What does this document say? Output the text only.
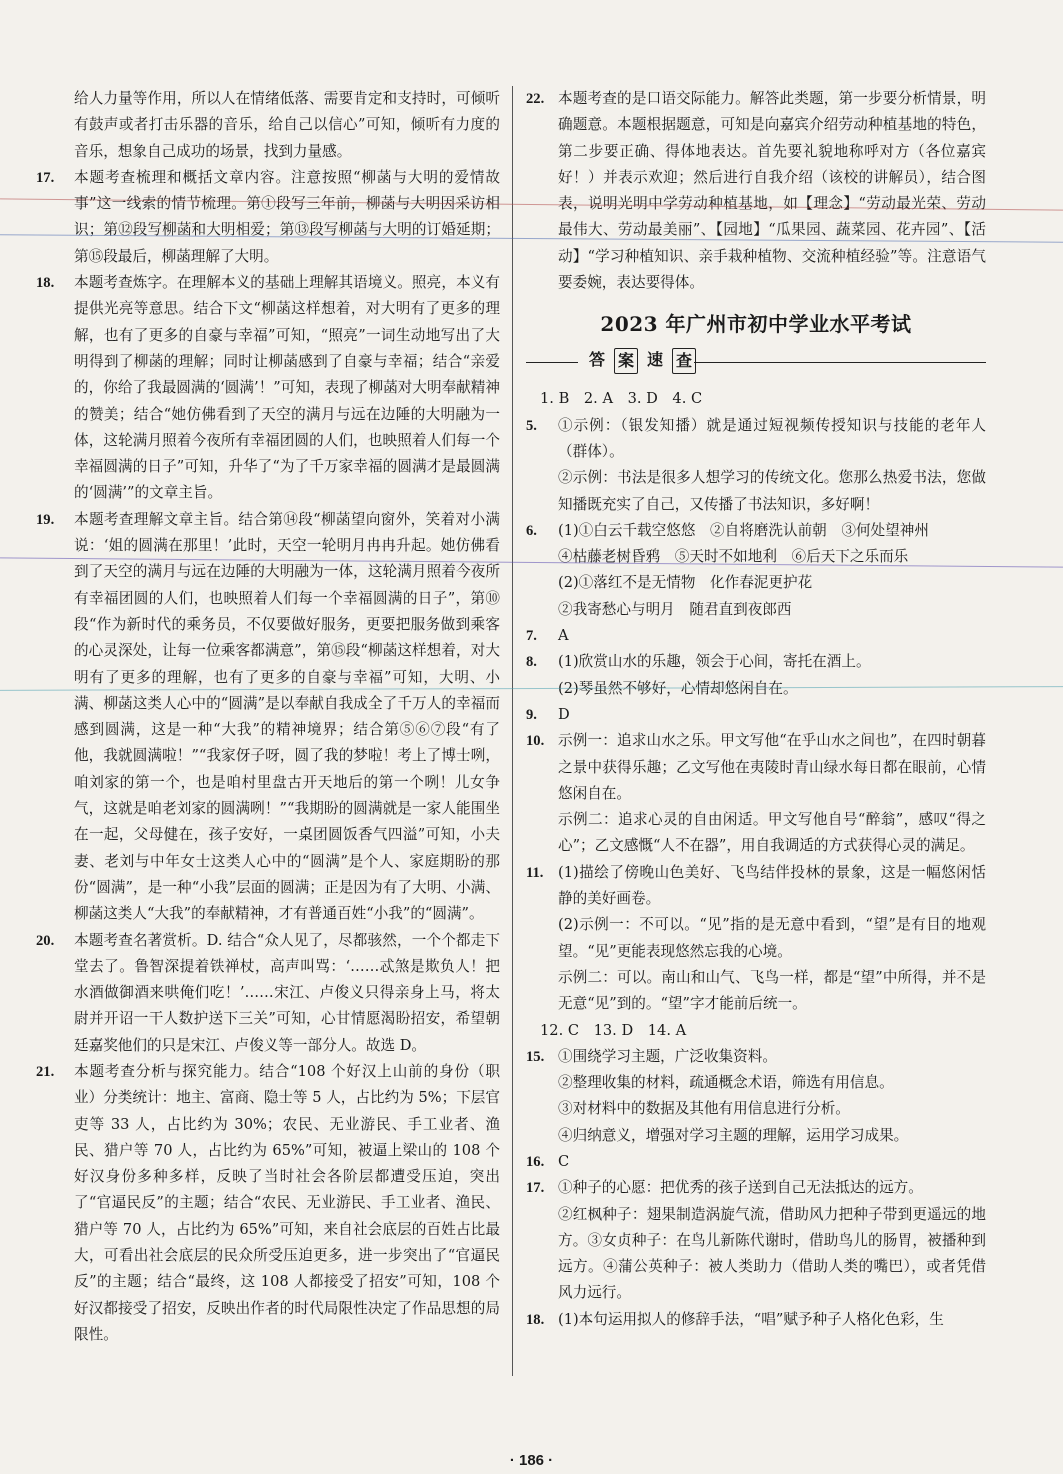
给人力量等作用，所以人在情绪低落、需要肯定和支持时，可倾听有鼓声或者打击乐器的音乐，给自己以信心”可知，倾听有力度的音乐，想象自己成功的场景，找到力量感。

17. 本题考查梳理和概括文章内容。注意按照“柳菡与大明的爱情故事”这一线索的情节梳理。第①段写三年前，柳菡与大明因采访相识；第⑫段写柳菡和大明相爱；第⑬段写柳菡与大明的订婚延期；第⑮段最后，柳菡理解了大明。

18. 本题考查炼字。在理解本义的基础上理解其语境义。照亮，本义有提供光亮等意思。结合下文“柳菡这样想着，对大明有了更多的理解，也有了更多的自豪与幸福”可知，“照亮”一词生动地写出了大明得到了柳菡的理解；同时让柳菡感到了自豪与幸福；结合“亲爱的，你给了我最圆满的‘圆满’！”可知，表现了柳菡对大明奉献精神的赞美；结合“她仿佛看到了天空的满月与远在边陲的大明融为一体，这轮满月照着今夜所有幸福团圆的人们，也映照着人们每一个幸福圆满的日子”可知，升华了“为了千万家幸福的圆满才是最圆满的‘圆满’”的文章主旨。

19. 本题考查理解文章主旨。结合第⑭段“柳菡望向窗外，笑着对小满说：‘姐的圆满在那里！’此时，天空一轮明月冉冉升起。她仿佛看到了天空的满月与远在边陲的大明融为一体，这轮满月照着今夜所有幸福团圆的人们，也映照着人们每一个幸福圆满的日子”，第⑩段“作为新时代的乘务员，不仅要做好服务，更要把服务做到乘客的心灵深处，让每一位乘客都满意”，第⑮段“柳菡这样想着，对大明有了更多的理解，也有了更多的自豪与幸福”可知，大明、小满、柳菡这类人心中的“圆满”是以奉献自我成全了千万人的幸福而感到圆满，这是一种“大我”的精神境界；结合第⑤⑥⑦段“有了他，我就圆满啦！”“我家伢子呀，圆了我的梦啦！考上了博士咧，咱刘家的第一个，也是咱村里盘古开天地后的第一个咧！儿女争气，这就是咱老刘家的圆满咧！”“我期盼的圆满就是一家人能围坐在一起，父母健在，孩子安好，一桌团圆饭香气四溢”可知，小夫妻、老刘与中年女士这类人心中的“圆满”是个人、家庭期盼的那份“圆满”，是一种“小我”层面的圆满；正是因为有了大明、小满、柳菡这类人“大我”的奉献精神，才有普通百姓“小我”的“圆满”。

20. 本题考查名著赏析。D. 结合“众人见了，尽都骇然，一个个都走下堂去了。鲁智深提着铁禅杖，高声叫骂：‘……忒煞是欺负人！把水酒做御酒来哄俺们吃！’……宋江、卢俊义只得亲身上马，将太尉并开诏一干人数护送下三关”可知，心甘情愿渴盼招安，希望朝廷嘉奖他们的只是宋江、卢俊义等一部分人。故选 D。

21. 本题考查分析与探究能力。结合“108 个好汉上山前的身份（职业）分类统计：地主、富商、隐士等 5 人，占比约为 5%；下层官吏等 33 人，占比约为 30%；农民、无业游民、手工业者、渔民、猎户等 70 人，占比约为 65%”可知，被逼上梁山的 108 个好汉身份多种多样，反映了当时社会各阶层都遭受压迫，突出了“官逼民反”的主题；结合“农民、无业游民、手工业者、渔民、猎户等 70 人，占比约为 65%”可知，来自社会底层的百姓占比最大，可看出社会底层的民众所受压迫更多，进一步突出了“官逼民反”的主题；结合“最终，这 108 人都接受了招安”可知，108 个好汉都接受了招安，反映出作者的时代局限性决定了作品思想的局限性。

22. 本题考查的是口语交际能力。解答此类题，第一步要分析情景，明确题意。本题根据题意，可知是向嘉宾介绍劳动种植基地的特色，第二步要正确、得体地表达。首先要礼貌地称呼对方（各位嘉宾好！）并表示欢迎；然后进行自我介绍（该校的讲解员），结合图表，说明光明中学劳动种植基地，如【理念】“劳动最光荣、劳动最伟大、劳动最美丽”、【园地】“瓜果园、蔬菜园、花卉园”、【活动】“学习种植知识、亲手栽种植物、交流种植经验”等。注意语气要委婉，表达要得体。

2023 年广州市初中学业水平考试
答 案 速 查

1. B　2. A　3. D　4. C

5. ①示例：（银发知播）就是通过短视频传授知识与技能的老年人（群体）。

②示例：书法是很多人想学习的传统文化。您那么热爱书法，您做知播既充实了自己，又传播了书法知识，多好啊！

6. (1)①白云千载空悠悠　②自将磨洗认前朝　③何处望神州

④枯藤老树昏鸦　⑤天时不如地利　⑥后天下之乐而乐

(2)①落红不是无情物　化作春泥更护花

②我寄愁心与明月　随君直到夜郎西

7. A

8. (1)欣赏山水的乐趣，领会于心间，寄托在酒上。

(2)琴虽然不够好，心情却悠闲自在。

9. D

10. 示例一：追求山水之乐。甲文写他“在乎山水之间也”，在四时朝暮之景中获得乐趣；乙文写他在夷陵时青山绿水每日都在眼前，心情悠闲自在。

示例二：追求心灵的自由闲适。甲文写他自号“醉翁”，感叹“得之心”；乙文感慨“人不在器”，用自我调适的方式获得心灵的满足。

11. (1)描绘了傍晚山色美好、飞鸟结伴投林的景象，这是一幅悠闲恬静的美好画卷。

(2)示例一：不可以。“见”指的是无意中看到，“望”是有目的地观望。“见”更能表现悠然忘我的心境。

示例二：可以。南山和山气、飞鸟一样，都是“望”中所得，并不是无意“见”到的。“望”字才能前后统一。

12. C　13. D　14. A

15. ①围绕学习主题，广泛收集资料。

②整理收集的材料，疏通概念术语，筛选有用信息。

③对材料中的数据及其他有用信息进行分析。

④归纳意义，增强对学习主题的理解，运用学习成果。

16. C

17. ①种子的心愿：把优秀的孩子送到自己无法抵达的远方。

②红枫种子：翅果制造涡旋气流，借助风力把种子带到更遥远的地方。③女贞种子：在鸟儿新陈代谢时，借助鸟儿的肠胃，被播种到远方。④蒲公英种子：被人类助力（借助人类的嘴巴），或者凭借风力远行。

18. (1)本句运用拟人的修辞手法，“唱”赋予种子人格化色彩，生

· 186 ·
